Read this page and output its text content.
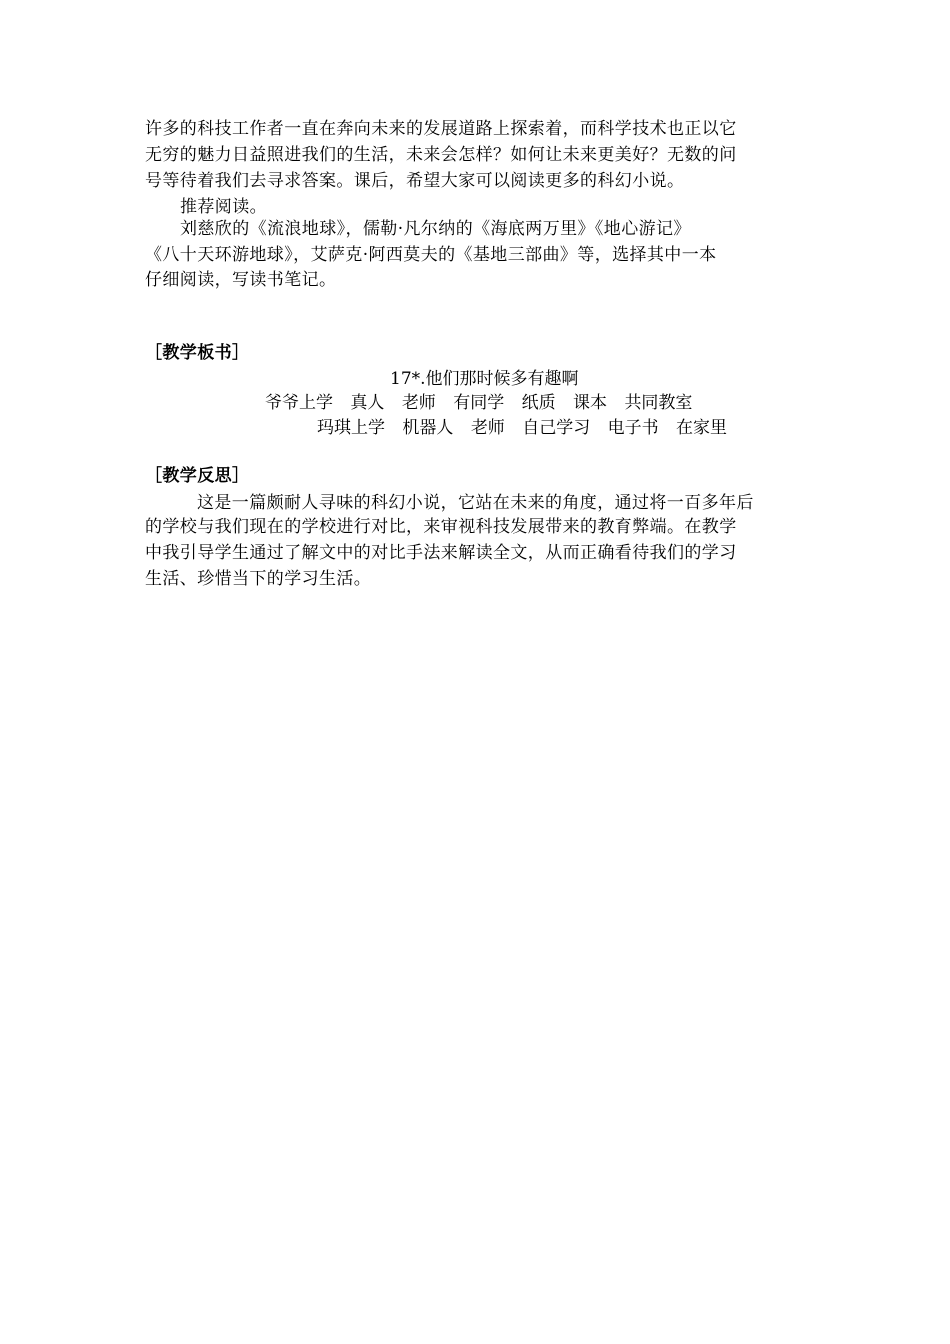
许多的科技工作者一直在奔向未来的发展道路上探索着，而科学技术也正以它
无穷的魅力日益照进我们的生活，未来会怎样？如何让未来更美好？无数的问
号等待着我们去寻求答案。课后，希望大家可以阅读更多的科幻小说。
推荐阅读。
刘慈欣的《流浪地球》，儒勒·凡尔纳的《海底两万里》《地心游记》
《八十天环游地球》，艾萨克·阿西莫夫的《基地三部曲》等，选择其中一本
仔细阅读，写读书笔记。
［教学板书］
17*.他们那时候多有趣啊
爷爷上学 真人 老师 有同学 纸质 课本 共同教室
玛琪上学 机器人 老师 自己学习 电子书 在家里
［教学反思］
这是一篇颇耐人寻味的科幻小说，它站在未来的角度，通过将一百多年后
的学校与我们现在的学校进行对比，来审视科技发展带来的教育弊端。在教学
中我引导学生通过了解文中的对比手法来解读全文，从而正确看待我们的学习
生活、珍惜当下的学习生活。
